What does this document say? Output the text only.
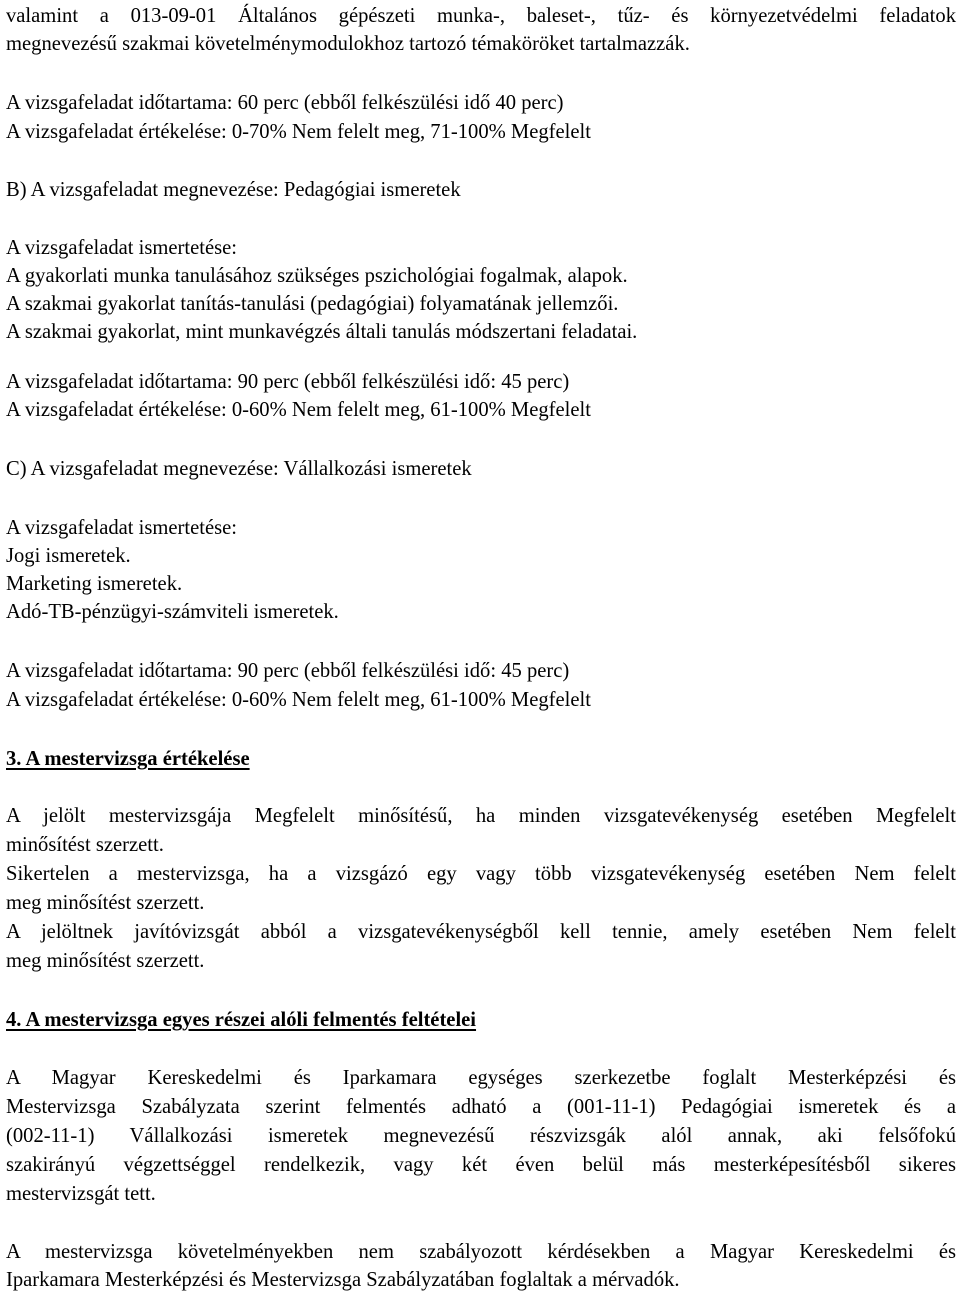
valamint a 013-09-01 Általános gépészeti munka-, baleset-, tűz- és környezetvédelmi feladatok
megnevezésű szakmai követelménymodulokhoz tartozó témaköröket tartalmazzák.
A vizsgafeladat időtartama: 60 perc (ebből felkészülési idő 40 perc)
A vizsgafeladat értékelése: 0-70% Nem felelt meg, 71-100% Megfelelt
B) A vizsgafeladat megnevezése: Pedagógiai ismeretek
A vizsgafeladat ismertetése:
A gyakorlati munka tanulásához szükséges pszichológiai fogalmak, alapok.
A szakmai gyakorlat tanítás-tanulási (pedagógiai) folyamatának jellemzői.
A szakmai gyakorlat, mint munkavégzés általi tanulás módszertani feladatai.
A vizsgafeladat időtartama: 90 perc (ebből felkészülési idő: 45 perc)
A vizsgafeladat értékelése: 0-60% Nem felelt meg, 61-100% Megfelelt
C) A vizsgafeladat megnevezése: Vállalkozási ismeretek
A vizsgafeladat ismertetése:
Jogi ismeretek.
Marketing ismeretek.
Adó-TB-pénzügyi-számviteli ismeretek.
A vizsgafeladat időtartama: 90 perc (ebből felkészülési idő: 45 perc)
A vizsgafeladat értékelése: 0-60% Nem felelt meg, 61-100% Megfelelt
3. A mestervizsga értékelése
A jelölt mestervizsgája Megfelelt minősítésű, ha minden vizsgatevékenység esetében Megfelelt
minősítést szerzett.
Sikertelen a mestervizsga, ha a vizsgázó egy vagy több vizsgatevékenység esetében Nem felelt
meg minősítést szerzett.
A jelöltnek javítóvizsgát abból a vizsgatevékenységből kell tennie, amely esetében Nem felelt
meg minősítést szerzett.
4. A mestervizsga egyes részei alóli felmentés feltételei
A Magyar Kereskedelmi és Iparkamara egységes szerkezetbe foglalt Mesterképzési és
Mestervizsga Szabályzata szerint felmentés adható a (001-11-1) Pedagógiai ismeretek és a
(002-11-1) Vállalkozási ismeretek megnevezésű részvizsgák alól annak, aki felsőfokú
szakirányú végzettséggel rendelkezik, vagy két éven belül más mesterképesítésből sikeres
mestervizsgát tett.
A mestervizsga követelményekben nem szabályozott kérdésekben a Magyar Kereskedelmi és
Iparkamara Mesterképzési és Mestervizsga Szabályzatában foglaltak a mérvadók.
